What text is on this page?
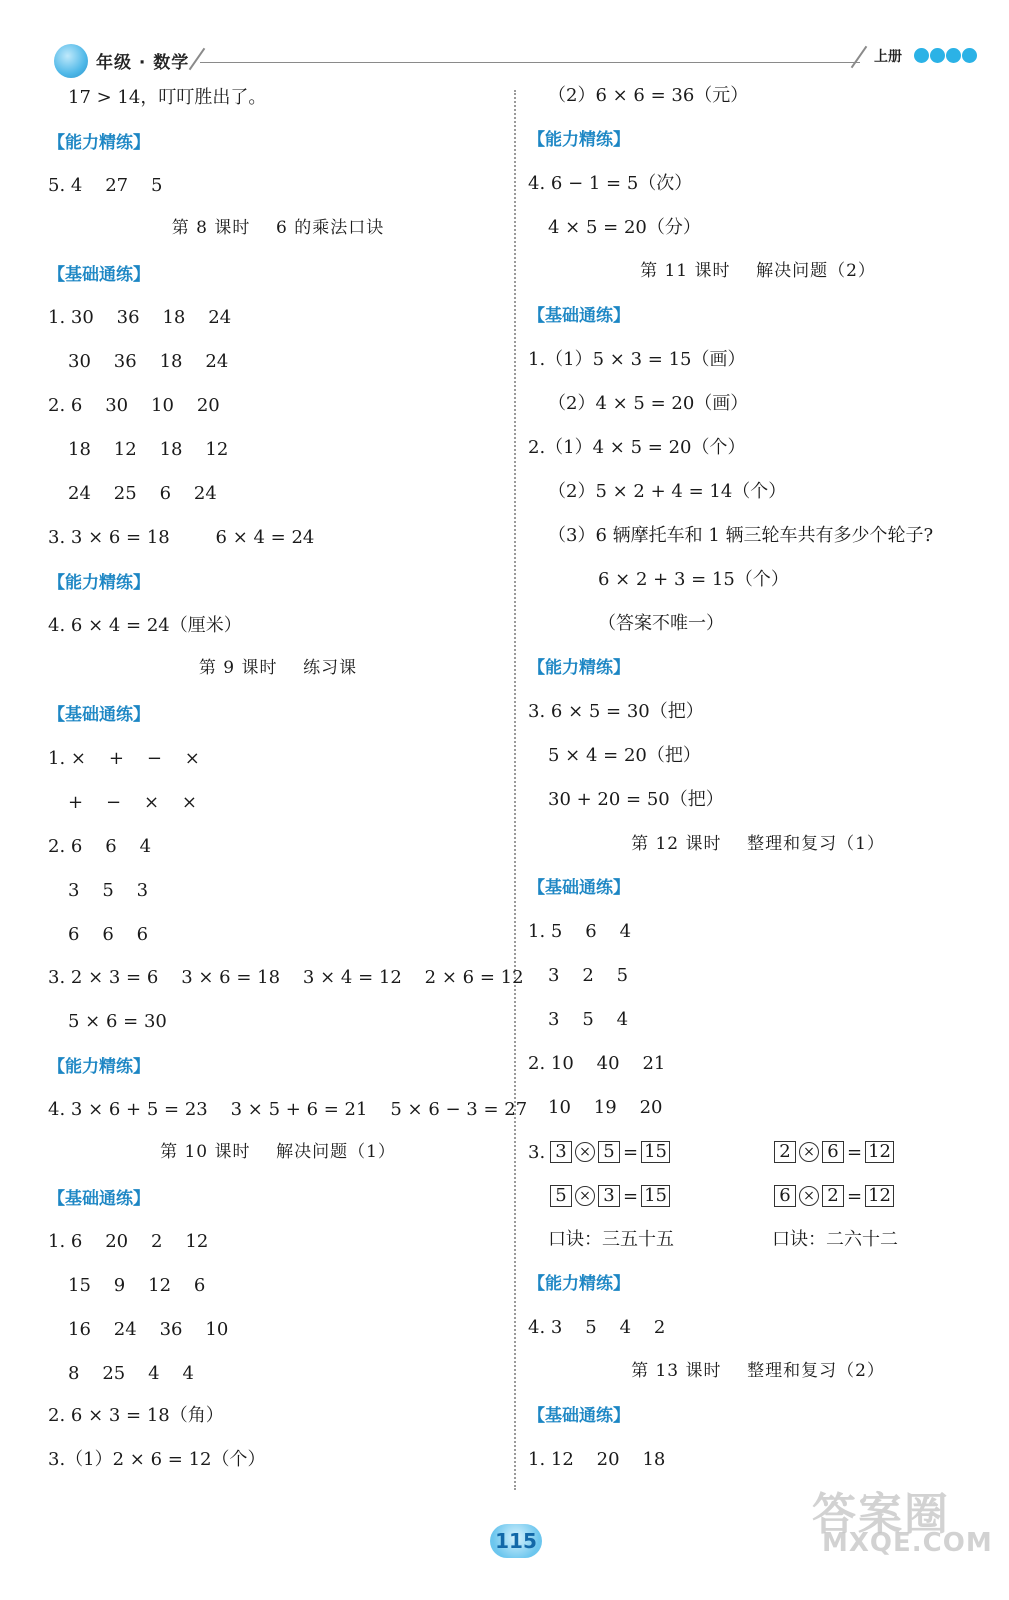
年级 · 数学	上册
17 > 14，叮叮胜出了。
【能力精练】
5. 4    27    5
第 8 课时    6 的乘法口诀
【基础通练】
1. 30    36    18    24
30    36    18    24
2. 6    30    10    20
18    12    18    12
24    25    6    24
3. 3 × 6 = 18        6 × 4 = 24
【能力精练】
4. 6 × 4 = 24（厘米）
第 9 课时    练习课
【基础通练】
1. ×    +    −    ×
+    −    ×    ×
2. 6    6    4
3    5    3
6    6    6
3. 2 × 3 = 6    3 × 6 = 18    3 × 4 = 12    2 × 6 = 12
5 × 6 = 30
【能力精练】
4. 3 × 6 + 5 = 23    3 × 5 + 6 = 21    5 × 6 − 3 = 27
第 10 课时    解决问题（1）
【基础通练】
1. 6    20    2    12
15    9    12    6
16    24    36    10
8    25    4    4
2. 6 × 3 = 18（角）
3.（1）2 × 6 = 12（个）
（2）6 × 6 = 36（元）
【能力精练】
4. 6 − 1 = 5（次）
4 × 5 = 20（分）
第 11 课时    解决问题（2）
【基础通练】
1.（1）5 × 3 = 15（画）
（2）4 × 5 = 20（画）
2.（1）4 × 5 = 20（个）
（2）5 × 2 + 4 = 14（个）
（3）6 辆摩托车和 1 辆三轮车共有多少个轮子?
6 × 2 + 3 = 15（个）
（答案不唯一）
【能力精练】
3. 6 × 5 = 30（把）
5 × 4 = 20（把）
30 + 20 = 50（把）
第 12 课时    整理和复习（1）
【基础通练】
1. 5    6    4
3    2    5
3    5    4
2. 10    40    21
10    19    20
3. 3 × 5 = 15	2 × 6 = 12
5 × 3 = 15	6 × 2 = 12
口诀：三五十五	口诀：二六十二
【能力精练】
4. 3    5    4    2
第 13 课时    整理和复习（2）
【基础通练】
1. 12    20    18
115
答案圈
MXQE.COM
